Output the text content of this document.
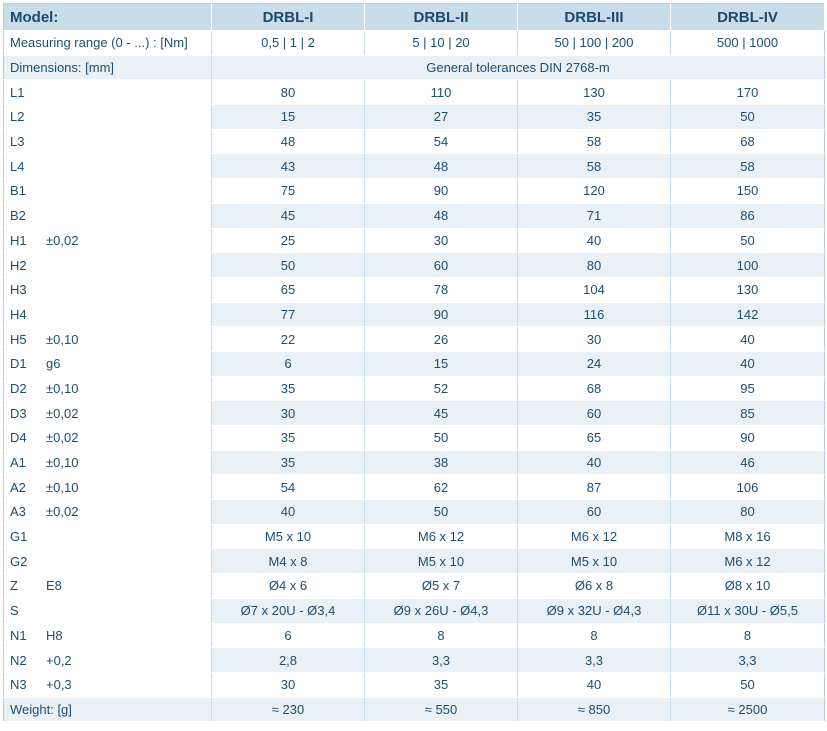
Model:	DRBL-I	DRBL-II	DRBL-III	DRBL-IV
Measuring range (0 - ...) : [Nm]	0,5 | 1 | 2	5 | 10 | 20	50 | 100 | 200	500 | 1000
Dimensions: [mm]	General tolerances DIN 2768-m			
L1	80	110	130	170
L2	15	27	35	50
L3	48	54	58	68
L4	43	48	58	58
B1	75	90	120	150
B2	45	48	71	86
H1 ±0,02	25	30	40	50
H2	50	60	80	100
H3	65	78	104	130
H4	77	90	116	142
H5 ±0,10	22	26	30	40
D1 g6	6	15	24	40
D2 ±0,10	35	52	68	95
D3 ±0,02	30	45	60	85
D4 ±0,02	35	50	65	90
A1 ±0,10	35	38	40	46
A2 ±0,10	54	62	87	106
A3 ±0,02	40	50	60	80
G1	M5 x 10	M6 x 12	M6 x 12	M8 x 16
G2	M4 x 8	M5 x 10	M5 x 10	M6 x 12
Z E8	Ø4 x 6	Ø5 x 7	Ø6 x 8	Ø8 x 10
S	Ø7 x 20U - Ø3,4	Ø9 x 26U - Ø4,3	Ø9 x 32U - Ø4,3	Ø11 x 30U - Ø5,5
N1 H8	6	8	8	8
N2 +0,2	2,8	3,3	3,3	3,3
N3 +0,3	30	35	40	50
Weight: [g]	≈ 230	≈ 550	≈ 850	≈ 2500
